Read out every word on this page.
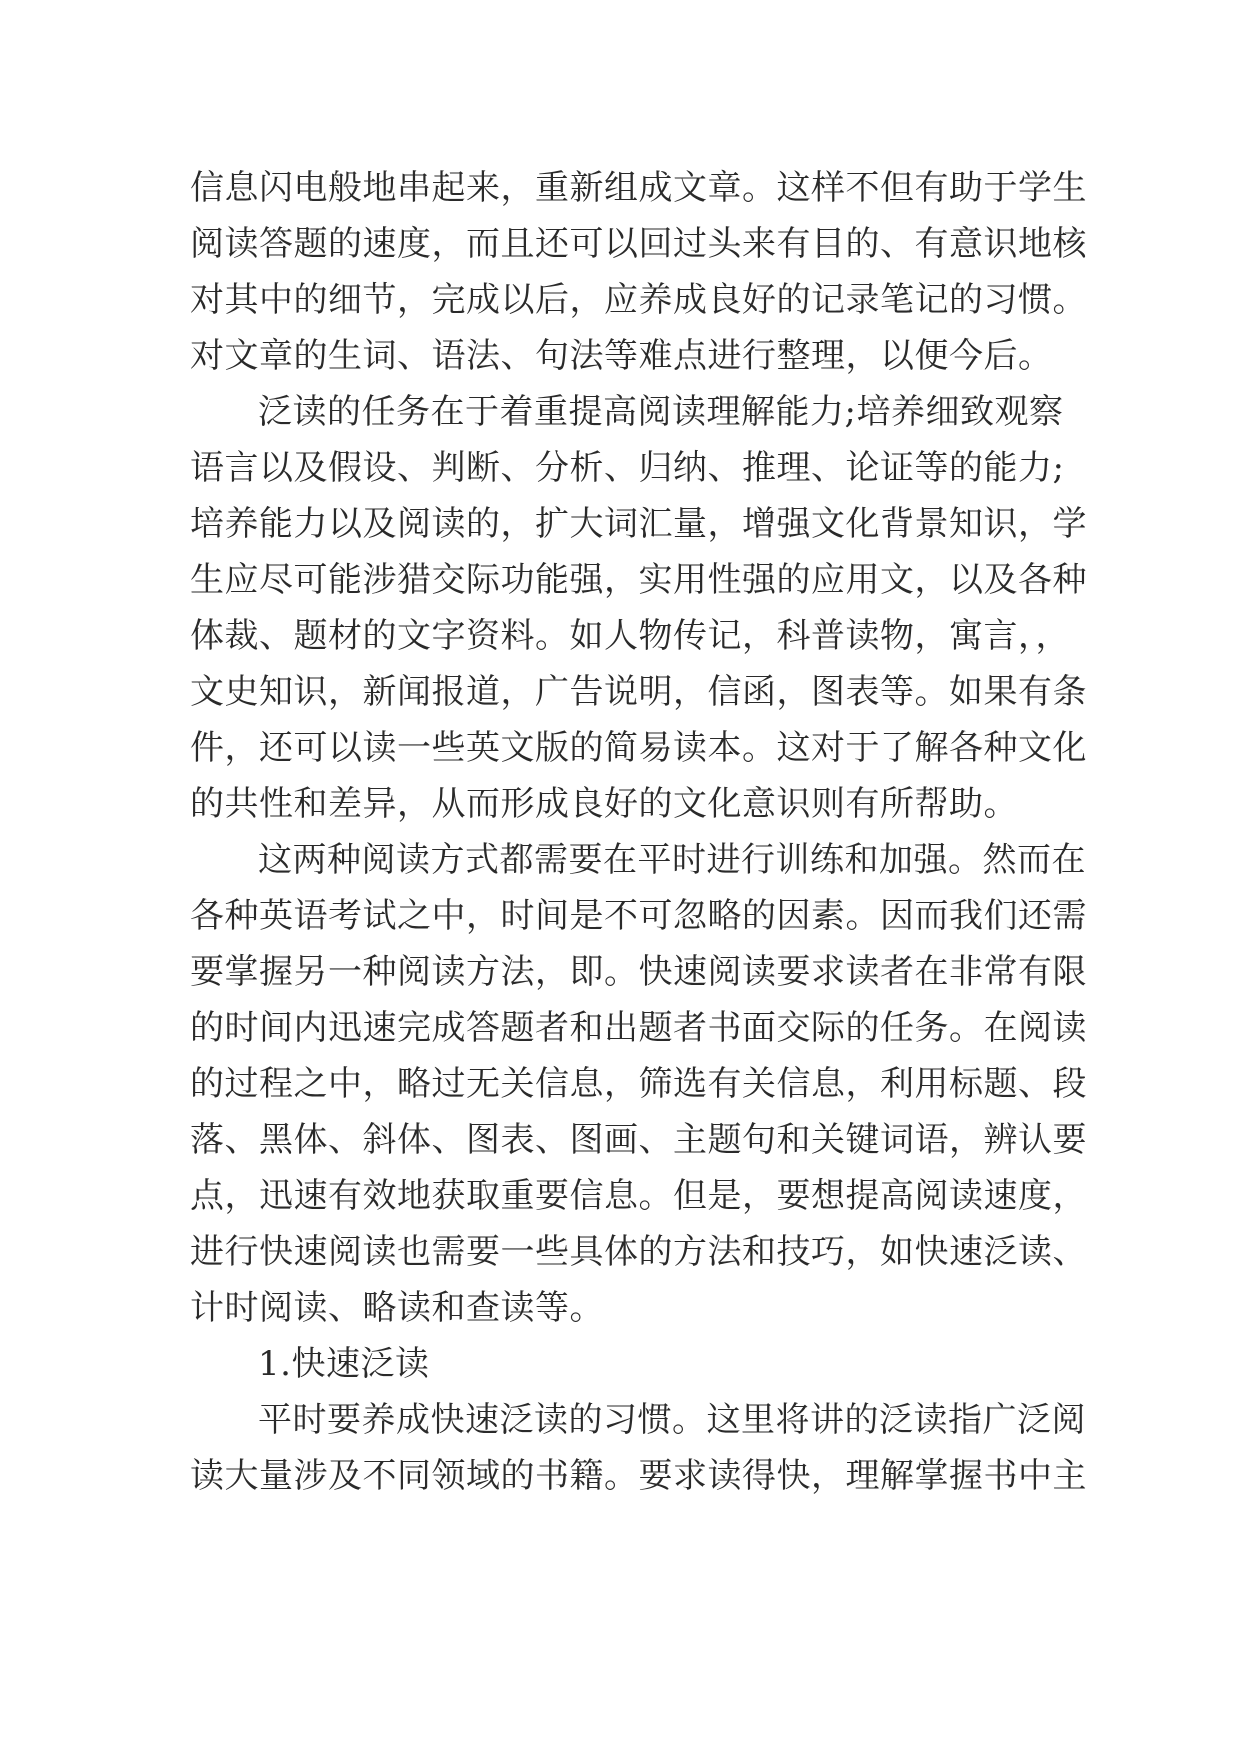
信息闪电般地串起来，重新组成文章。这样不但有助于学生
阅读答题的速度，而且还可以回过头来有目的、有意识地核
对其中的细节，完成以后，应养成良好的记录笔记的习惯。
对文章的生词、语法、句法等难点进行整理，以便今后。
泛读的任务在于着重提高阅读理解能力;培养细致观察
语言以及假设、判断、分析、归纳、推理、论证等的能力;
培养能力以及阅读的，扩大词汇量，增强文化背景知识，学
生应尽可能涉猎交际功能强，实用性强的应用文，以及各种
体裁、题材的文字资料。如人物传记，科普读物，寓言，，
文史知识，新闻报道，广告说明，信函，图表等。如果有条
件，还可以读一些英文版的简易读本。这对于了解各种文化
的共性和差异，从而形成良好的文化意识则有所帮助。
这两种阅读方式都需要在平时进行训练和加强。然而在
各种英语考试之中，时间是不可忽略的因素。因而我们还需
要掌握另一种阅读方法，即。快速阅读要求读者在非常有限
的时间内迅速完成答题者和出题者书面交际的任务。在阅读
的过程之中，略过无关信息，筛选有关信息，利用标题、段
落、黑体、斜体、图表、图画、主题句和关键词语，辨认要
点，迅速有效地获取重要信息。但是，要想提高阅读速度，
进行快速阅读也需要一些具体的方法和技巧，如快速泛读、
计时阅读、略读和查读等。
1.快速泛读
平时要养成快速泛读的习惯。这里将讲的泛读指广泛阅
读大量涉及不同领域的书籍。要求读得快，理解掌握书中主
